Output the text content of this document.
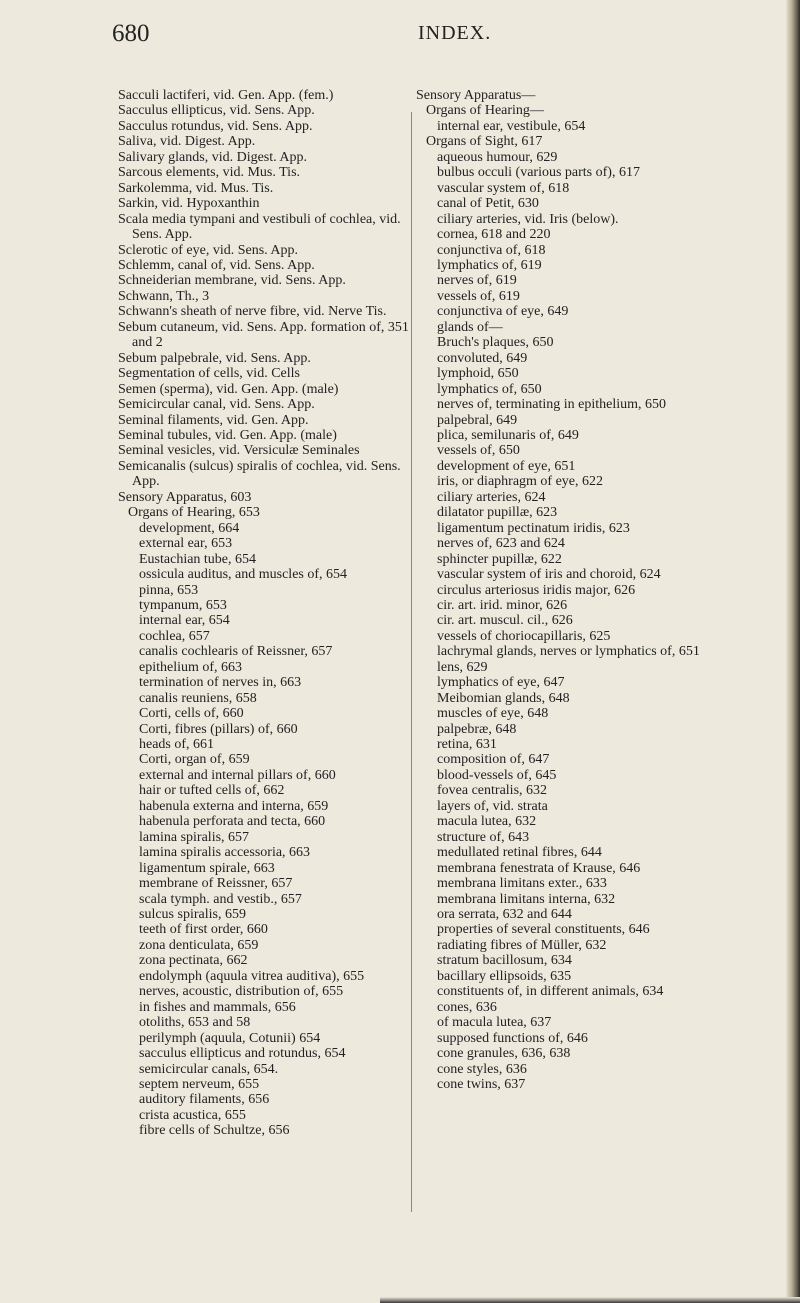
680	INDEX.

Sacculi lactiferi, vid. Gen. App. (fem.)

Sacculus ellipticus, vid. Sens. App.

Sacculus rotundus, vid. Sens. App.

Saliva, vid. Digest. App.

Salivary glands, vid. Digest. App.

Sarcous elements, vid. Mus. Tis.

Sarkolemma, vid. Mus. Tis.

Sarkin, vid. Hypoxanthin

Scala media tympani and vestibuli of cochlea, vid. Sens. App.

Sclerotic of eye, vid. Sens. App.

Schlemm, canal of, vid. Sens. App.

Schneiderian membrane, vid. Sens. App.

Schwann, Th., 3

Schwann's sheath of nerve fibre, vid. Nerve Tis.

Sebum cutaneum, vid. Sens. App. formation of, 351 and 2

Sebum palpebrale, vid. Sens. App.

Segmentation of cells, vid. Cells

Semen (sperma), vid. Gen. App. (male)

Semicircular canal, vid. Sens. App.

Seminal filaments, vid. Gen. App.

Seminal tubules, vid. Gen. App. (male)

Seminal vesicles, vid. Versiculæ Seminales

Semicanalis (sulcus) spiralis of cochlea, vid. Sens. App.

Sensory Apparatus, 603

Organs of Hearing, 653

development, 664

external ear, 653

Eustachian tube, 654

ossicula auditus, and muscles of, 654

pinna, 653

tympanum, 653

internal ear, 654

cochlea, 657

canalis cochlearis of Reissner, 657

epithelium of, 663

termination of nerves in, 663

canalis reuniens, 658

Corti, cells of, 660

Corti, fibres (pillars) of, 660

heads of, 661

Corti, organ of, 659

external and internal pillars of, 660

hair or tufted cells of, 662

habenula externa and interna, 659

habenula perforata and tecta, 660

lamina spiralis, 657

lamina spiralis accessoria, 663

ligamentum spirale, 663

membrane of Reissner, 657

scala tymph. and vestib., 657

sulcus spiralis, 659

teeth of first order, 660

zona denticulata, 659

zona pectinata, 662

endolymph (aquula vitrea auditiva), 655

nerves, acoustic, distribution of, 655

in fishes and mammals, 656

otoliths, 653 and 58

perilymph (aquula, Cotunii) 654

sacculus ellipticus and rotundus, 654

semicircular canals, 654.

septem nerveum, 655

auditory filaments, 656

crista acustica, 655

fibre cells of Schultze, 656

Sensory Apparatus—

Organs of Hearing—

internal ear, vestibule, 654

Organs of Sight, 617

aqueous humour, 629

bulbus occuli (various parts of), 617

vascular system of, 618

canal of Petit, 630

ciliary arteries, vid. Iris (below).

cornea, 618 and 220

conjunctiva of, 618

lymphatics of, 619

nerves of, 619

vessels of, 619

conjunctiva of eye, 649

glands of—

Bruch's plaques, 650

convoluted, 649

lymphoid, 650

lymphatics of, 650

nerves of, terminating in epithelium, 650

palpebral, 649

plica, semilunaris of, 649

vessels of, 650

development of eye, 651

iris, or diaphragm of eye, 622

ciliary arteries, 624

dilatator pupillæ, 623

ligamentum pectinatum iridis, 623

nerves of, 623 and 624

sphincter pupillæ, 622

vascular system of iris and choroid, 624

circulus arteriosus iridis major, 626

cir. art. irid. minor, 626

cir. art. muscul. cil., 626

vessels of choriocapillaris, 625

lachrymal glands, nerves or lymphatics of, 651

lens, 629

lymphatics of eye, 647

Meibomian glands, 648

muscles of eye, 648

palpebræ, 648

retina, 631

composition of, 647

blood-vessels of, 645

fovea centralis, 632

layers of, vid. strata

macula lutea, 632

structure of, 643

medullated retinal fibres, 644

membrana fenestrata of Krause, 646

membrana limitans exter., 633

membrana limitans interna, 632

ora serrata, 632 and 644

properties of several constituents, 646

radiating fibres of Müller, 632

stratum bacillosum, 634

bacillary ellipsoids, 635

constituents of, in different animals, 634

cones, 636

of macula lutea, 637

supposed functions of, 646

cone granules, 636, 638

cone styles, 636

cone twins, 637
